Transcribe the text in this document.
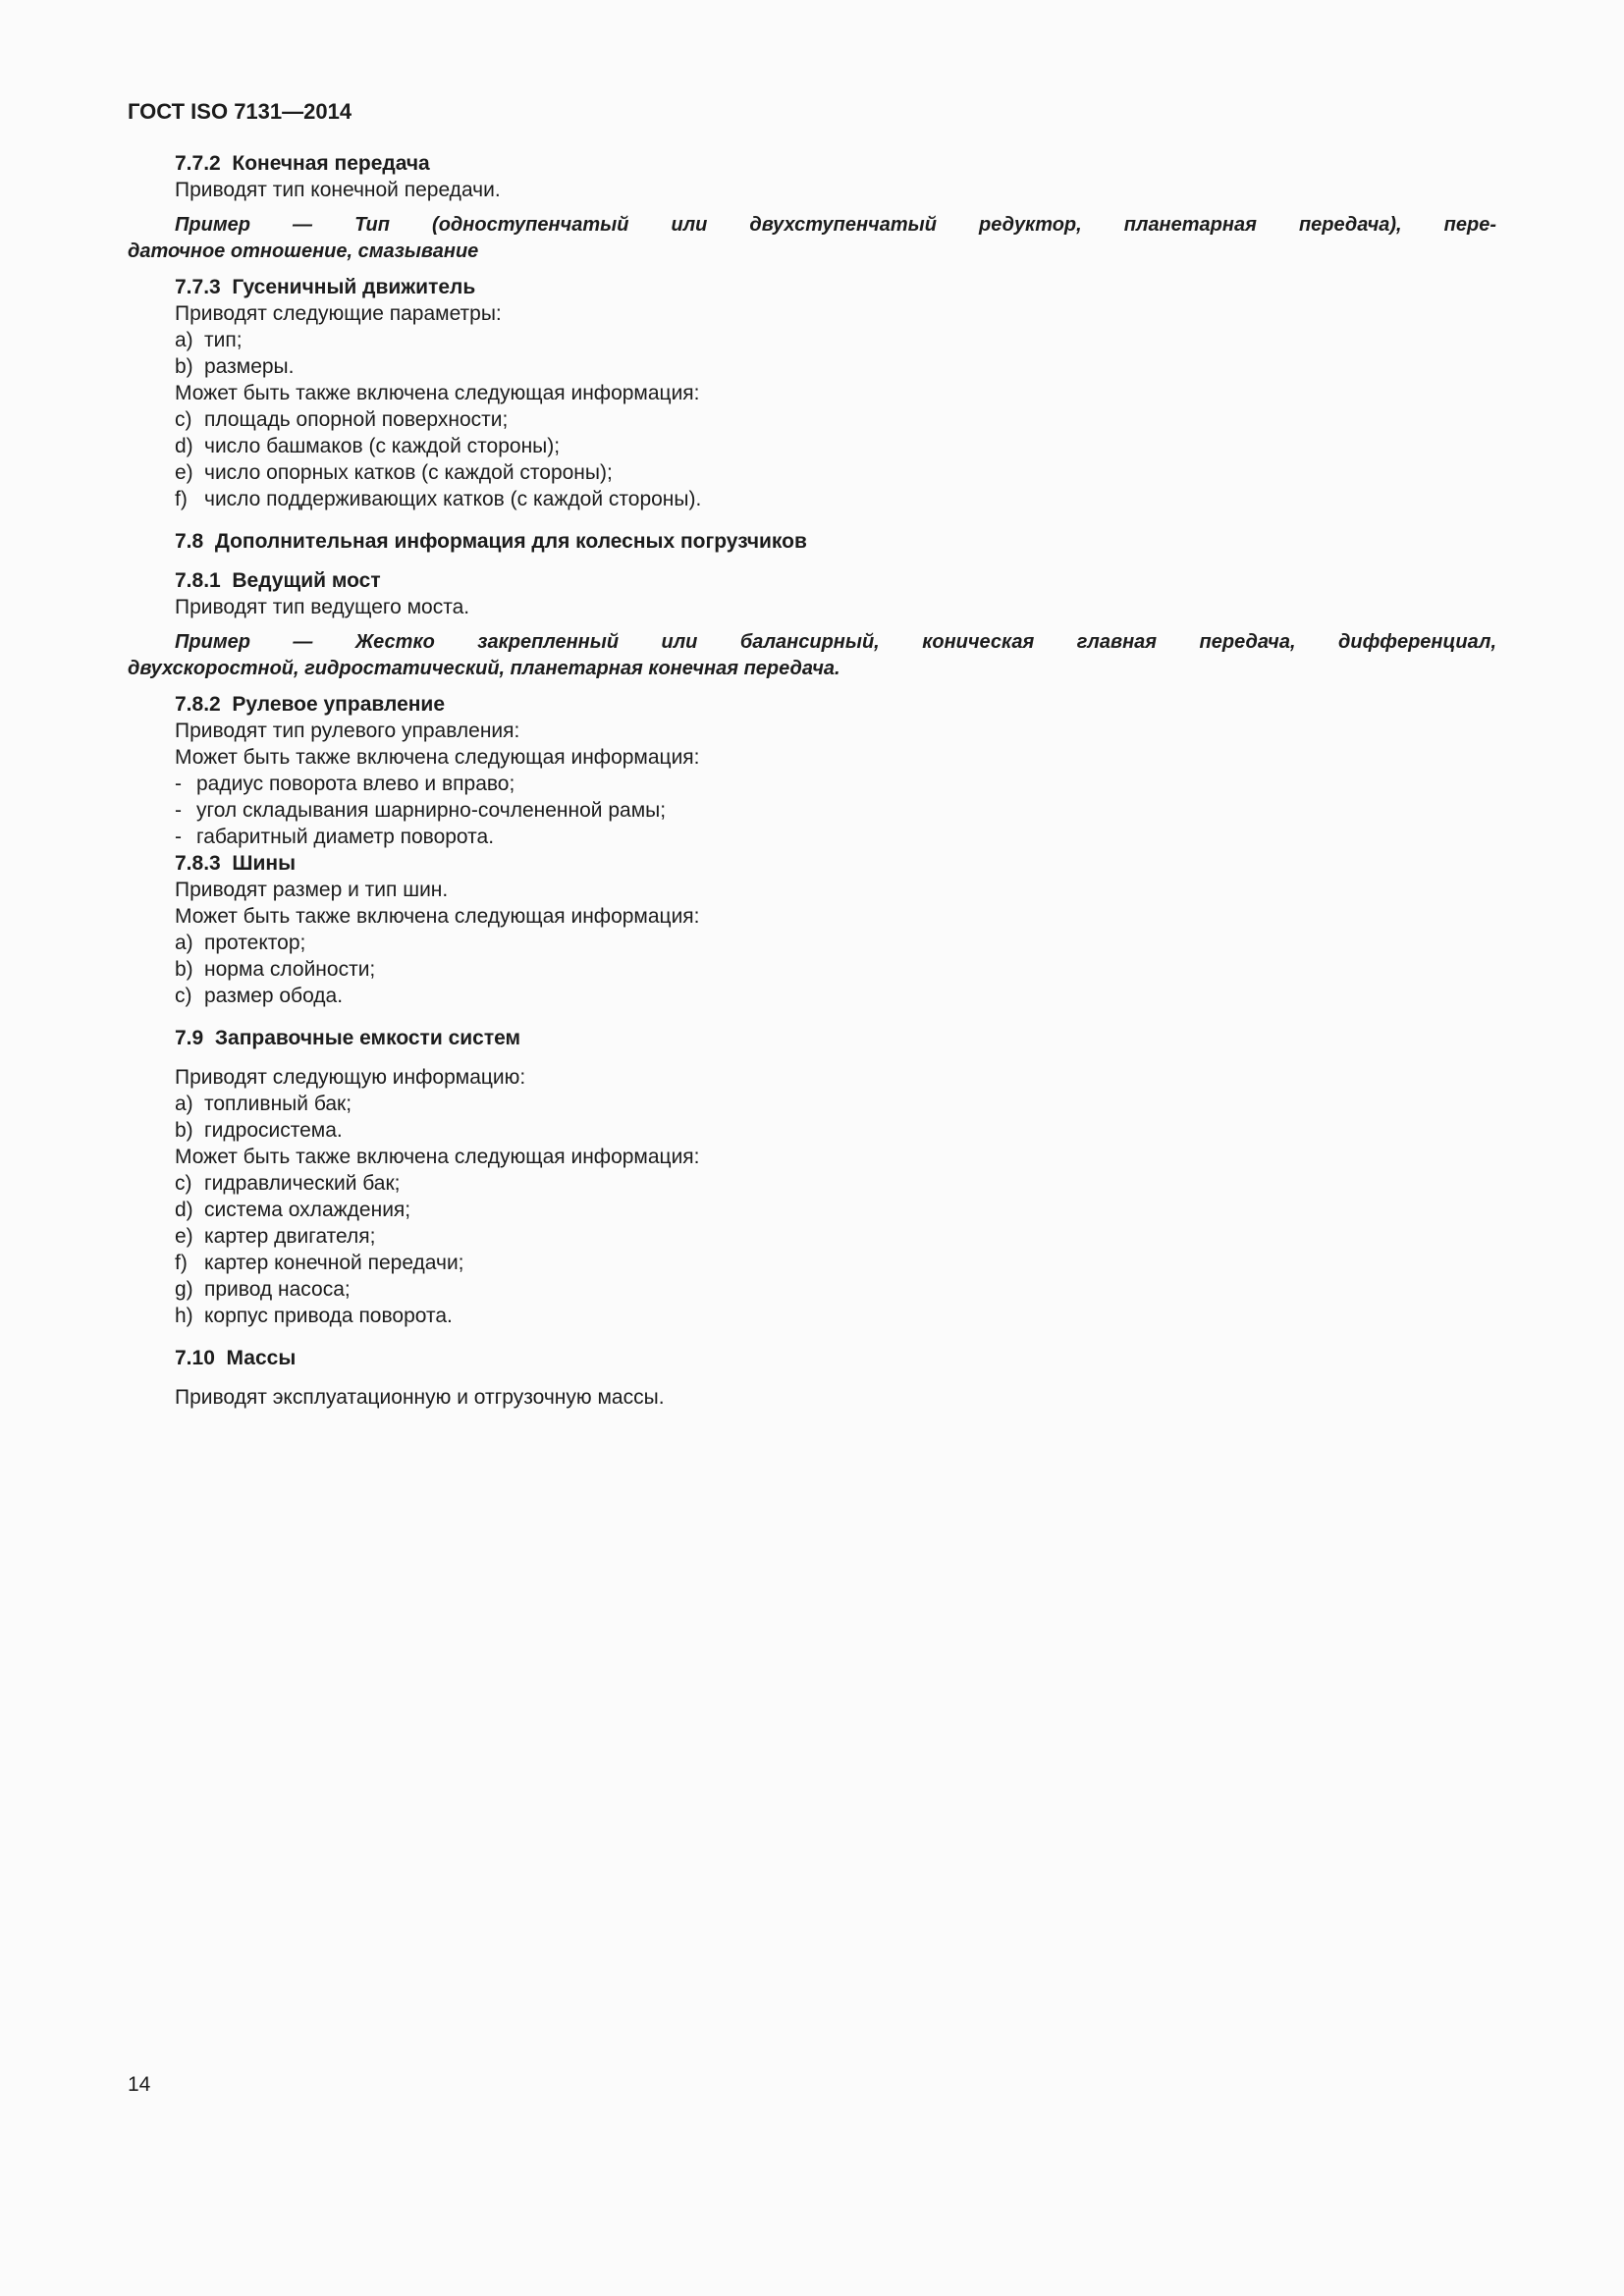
ГОСТ ISO 7131—2014
7.7.2  Конечная передача
Приводят тип конечной передачи.
Пример — Тип (одноступенчатый или двухступенчатый редуктор, планетарная передача), пере-
даточное отношение, смазывание
7.7.3  Гусеничный движитель
Приводят следующие параметры:
a) тип;
b) размеры.
Может быть также включена следующая информация:
c) площадь опорной поверхности;
d) число башмаков (с каждой стороны);
e) число опорных катков (с каждой стороны);
f) число поддерживающих катков (с каждой стороны).
7.8  Дополнительная информация для колесных погрузчиков
7.8.1  Ведущий мост
Приводят тип ведущего моста.
Пример — Жестко закрепленный или балансирный, коническая главная передача, дифференциал,
двухскоростной, гидростатический, планетарная конечная передача.
7.8.2  Рулевое управление
Приводят тип рулевого управления:
Может быть также включена следующая информация:
- радиус поворота влево и вправо;
- угол складывания шарнирно-сочлененной рамы;
- габаритный диаметр поворота.
7.8.3  Шины
Приводят размер и тип шин.
Может быть также включена следующая информация:
a) протектор;
b) норма слойности;
c) размер обода.
7.9  Заправочные емкости систем
Приводят следующую информацию:
a) топливный бак;
b) гидросистема.
Может быть также включена следующая информация:
c) гидравлический бак;
d) система охлаждения;
e) картер двигателя;
f) картер конечной передачи;
g) привод насоса;
h) корпус привода поворота.
7.10  Массы
Приводят эксплуатационную и отгрузочную массы.
14
